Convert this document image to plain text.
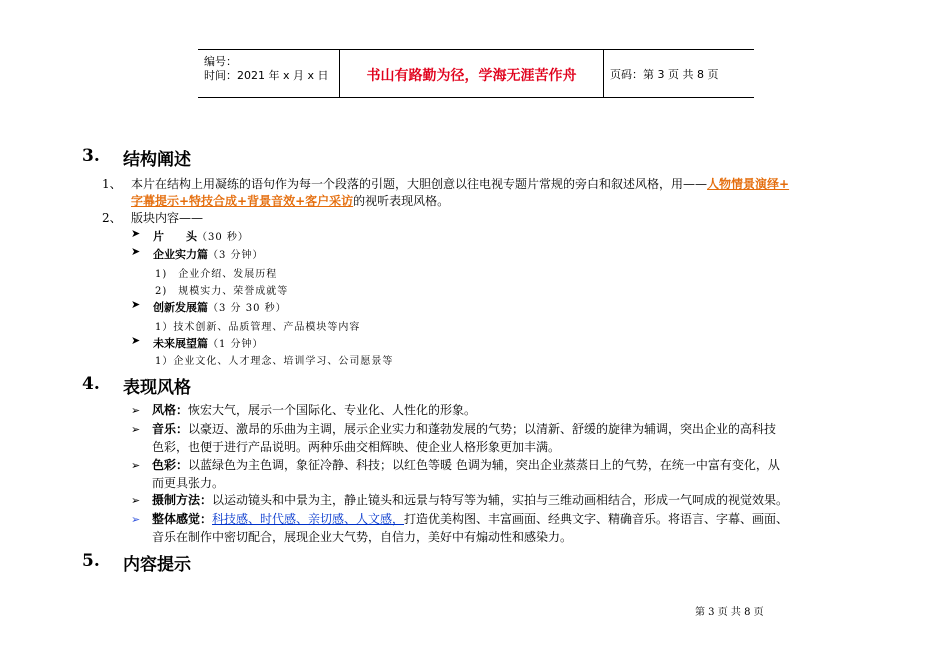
编号：
时间：2021 年 x 月 x 日	书山有路勤为径，学海无涯苦作舟	页码：第 3 页 共 8 页
3. 结构阐述
1、 本片在结构上用凝练的语句作为每一个段落的引题，大胆创意以往电视专题片常规的旁白和叙述风格，用——人物情景演绎+
字幕提示+特技合成+背景音效+客户采访的视听表现风格。
2、 版块内容——
➤ 片　　头（30 秒）
➤ 企业实力篇（3 分钟）
1)　企业介绍、发展历程
2)　规模实力、荣誉成就等
➤ 创新发展篇（3 分 30 秒）
1）技术创新、品质管理、产品模块等内容
➤ 未来展望篇（1 分钟）
1）企业文化、人才理念、培训学习、公司愿景等
4. 表现风格
➢ 风格：恢宏大气，展示一个国际化、专业化、人性化的形象。
➢ 音乐：以豪迈、激昂的乐曲为主调，展示企业实力和蓬勃发展的气势；以清新、舒缓的旋律为辅调，突出企业的高科技
色彩，也便于进行产品说明。两种乐曲交相辉映、使企业人格形象更加丰满。
➢ 色彩：以蓝绿色为主色调，象征冷静、科技；以红色等暖 色调为辅，突出企业蒸蒸日上的气势，在统一中富有变化，从
而更具张力。
➢ 摄制方法：以运动镜头和中景为主，静止镜头和远景与特写等为辅，实拍与三维动画相结合，形成一气呵成的视觉效果。
➢ 整体感觉：科技感、时代感、亲切感、人文感，打造优美构图、丰富画面、经典文字、精确音乐。将语言、字幕、画面、
音乐在制作中密切配合，展现企业大气势，自信力，美好中有煽动性和感染力。
5. 内容提示
第 3 页 共 8 页
